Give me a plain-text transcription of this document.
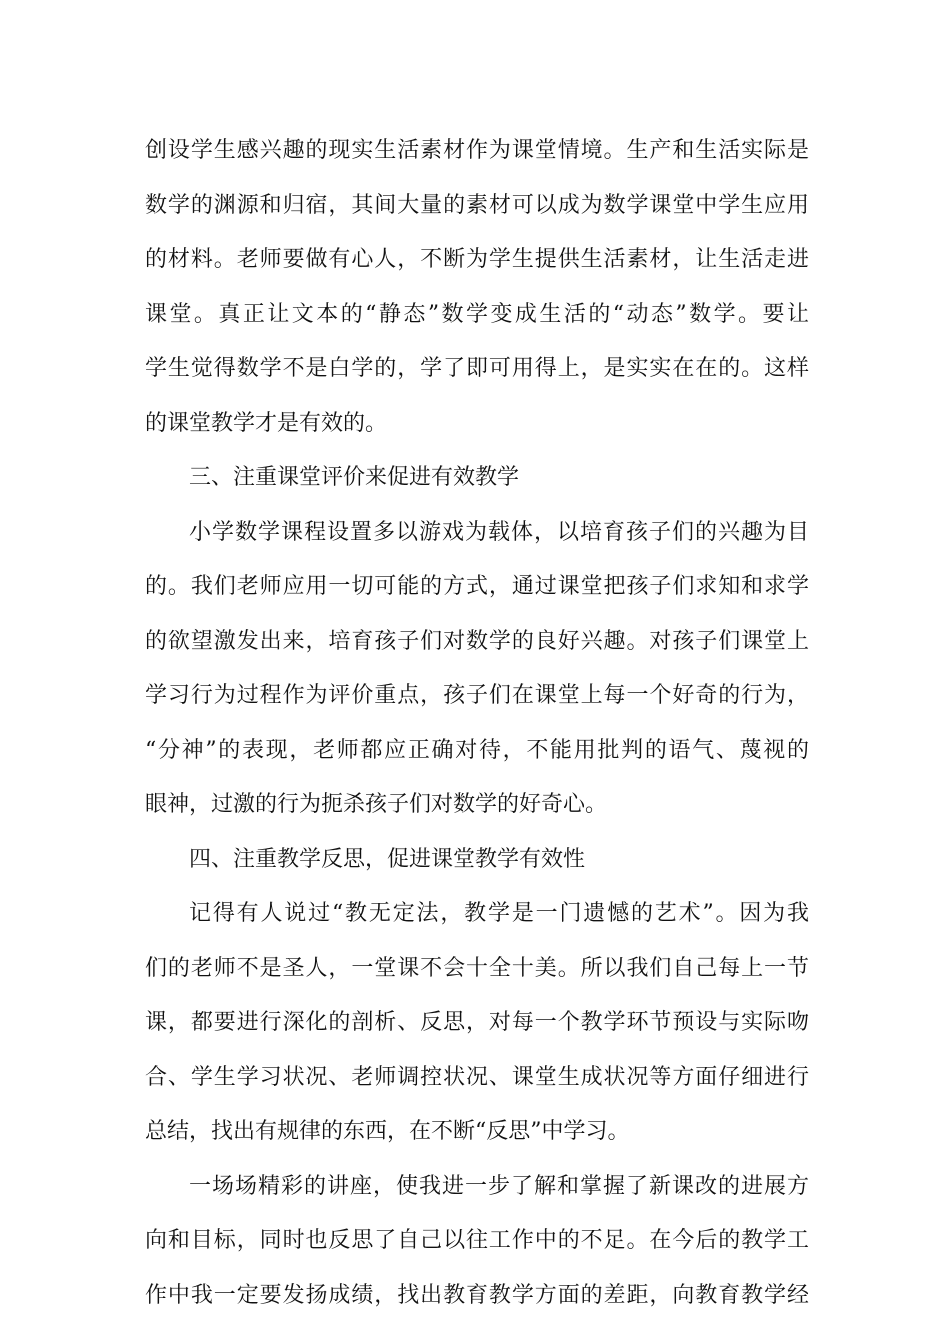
创设学生感兴趣的现实生活素材作为课堂情境。生产和生活实际是
数学的渊源和归宿，其间大量的素材可以成为数学课堂中学生应用
的材料。老师要做有心人，不断为学生提供生活素材，让生活走进
课堂。真正让文本的“静态”数学变成生活的“动态”数学。要让
学生觉得数学不是白学的，学了即可用得上，是实实在在的。这样
的课堂教学才是有效的。
三、注重课堂评价来促进有效教学
小学数学课程设置多以游戏为载体，以培育孩子们的兴趣为目
的。我们老师应用一切可能的方式，通过课堂把孩子们求知和求学
的欲望激发出来，培育孩子们对数学的良好兴趣。对孩子们课堂上
学习行为过程作为评价重点，孩子们在课堂上每一个好奇的行为，
“分神”的表现，老师都应正确对待，不能用批判的语气、蔑视的
眼神，过激的行为扼杀孩子们对数学的好奇心。
四、注重教学反思，促进课堂教学有效性
记得有人说过“教无定法，教学是一门遗憾的艺术”。因为我
们的老师不是圣人，一堂课不会十全十美。所以我们自己每上一节
课，都要进行深化的剖析、反思，对每一个教学环节预设与实际吻
合、学生学习状况、老师调控状况、课堂生成状况等方面仔细进行
总结，找出有规律的东西，在不断“反思”中学习。
一场场精彩的讲座，使我进一步了解和掌握了新课改的进展方
向和目标，同时也反思了自己以往工作中的不足。在今后的教学工
作中我一定要发扬成绩，找出教育教学方面的差距，向教育教学经
